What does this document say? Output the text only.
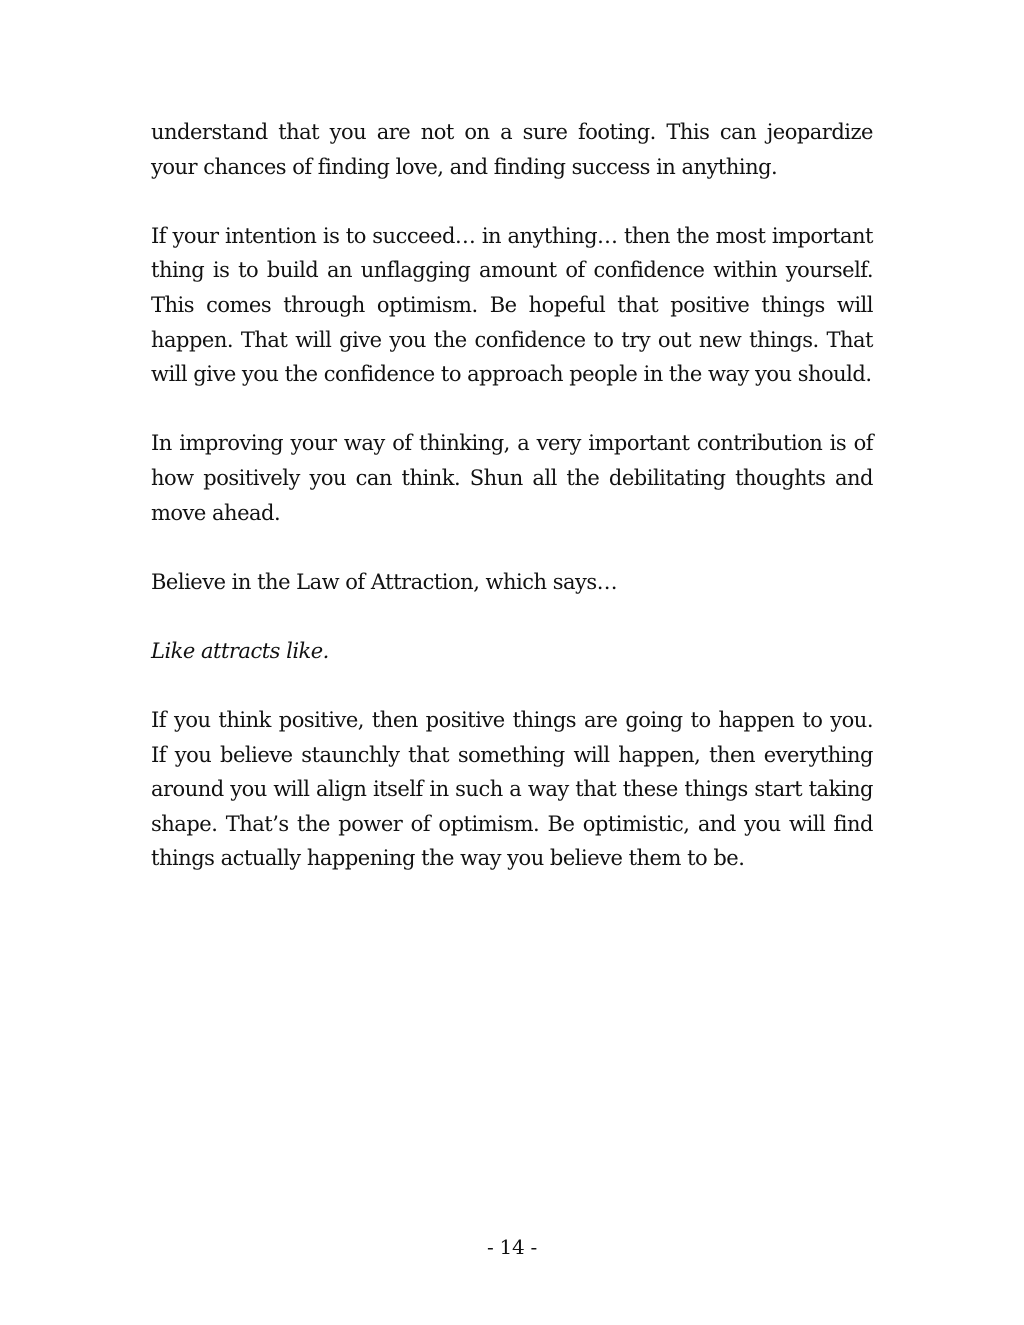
understand that you are not on a sure footing. This can jeopardize your chances of finding love, and finding success in anything.

If your intention is to succeed… in anything… then the most important thing is to build an unflagging amount of confidence within yourself. This comes through optimism. Be hopeful that positive things will happen. That will give you the confidence to try out new things. That will give you the confidence to approach people in the way you should.

In improving your way of thinking, a very important contribution is of how positively you can think. Shun all the debilitating thoughts and move ahead.

Believe in the Law of Attraction, which says…

Like attracts like.

If you think positive, then positive things are going to happen to you. If you believe staunchly that something will happen, then everything around you will align itself in such a way that these things start taking shape. That’s the power of optimism. Be optimistic, and you will find things actually happening the way you believe them to be.

- 14 -
